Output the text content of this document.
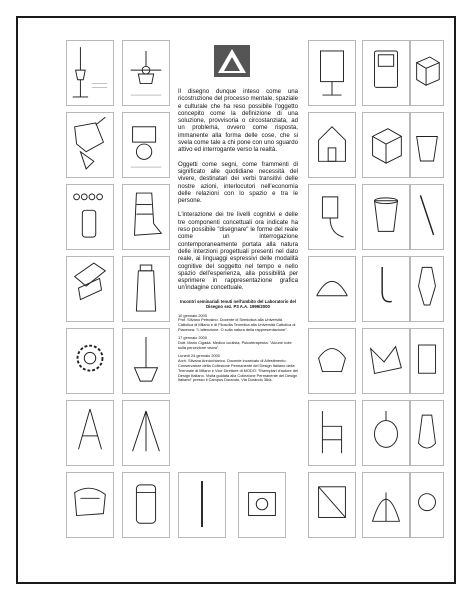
Il disegno dunque inteso come una ricostruzione del processo mentale, spaziale e culturale che ha reso possibile l'oggetto concepito come la definizione di una soluzione, provvisoria o circostanziata, ad un problema, ovvero come risposta, immanente alla forma delle cose, che si svela come tale a chi pone con uno sguardo attivo ed interrogante verso la realtà.

Oggetti come segni, come frammenti di significato alle quotidiane necessità del vivere, destinatari dei verbi transitivi delle nostre azioni, interlocutori nell'economia delle relazioni con lo spazio e tra le persone.

L'interazione dei tre livelli cognitivi e delle tre componenti concettuali ora indicate ha reso possibile "disegnare" le forme del reale come un interrogazione contemporaneamente portata alla natura delle interzioni progettuali presenti nel dato reale, ai linguaggi espressivi delle modalità cognitive del soggetto nel tempo e nello spazio dell'esperienza, alla possibilità per esprimere in rappresentazione grafica un'indagine concettuale.

Incontri seminariali tenuti nell'ambito del Laboratorio del Disegno sez. P3 A.A. 1999/2000

10 gennaio 2000
Prof. Silvano Petrosino. Docente di Semiotica alla Università Cattolica di Milano e di Filosofia Teoretica alla Università Cattolica di Piacenza: "L'attenzione. O sulla natura della rappresentazione".
17 gennaio 2000
Dott. Mario Cigada. Medico oculista, Psicoterapeuta: "Alcune note sulla percezione visiva".
Lunedì 24 gennaio 2000
Arch. Silvana Annicchiarico. Docente incaricato di Allestimento. Conservatore della Collezione Permanente del Design Italiano della Triennale di Milano e Vice Direttore di MODO: "Esemplari d'autore del Design Italiano. Visita guidata alla Collezione Permanente del Design Italiano" presso il Campus Durando, Via Durando 38/a.
